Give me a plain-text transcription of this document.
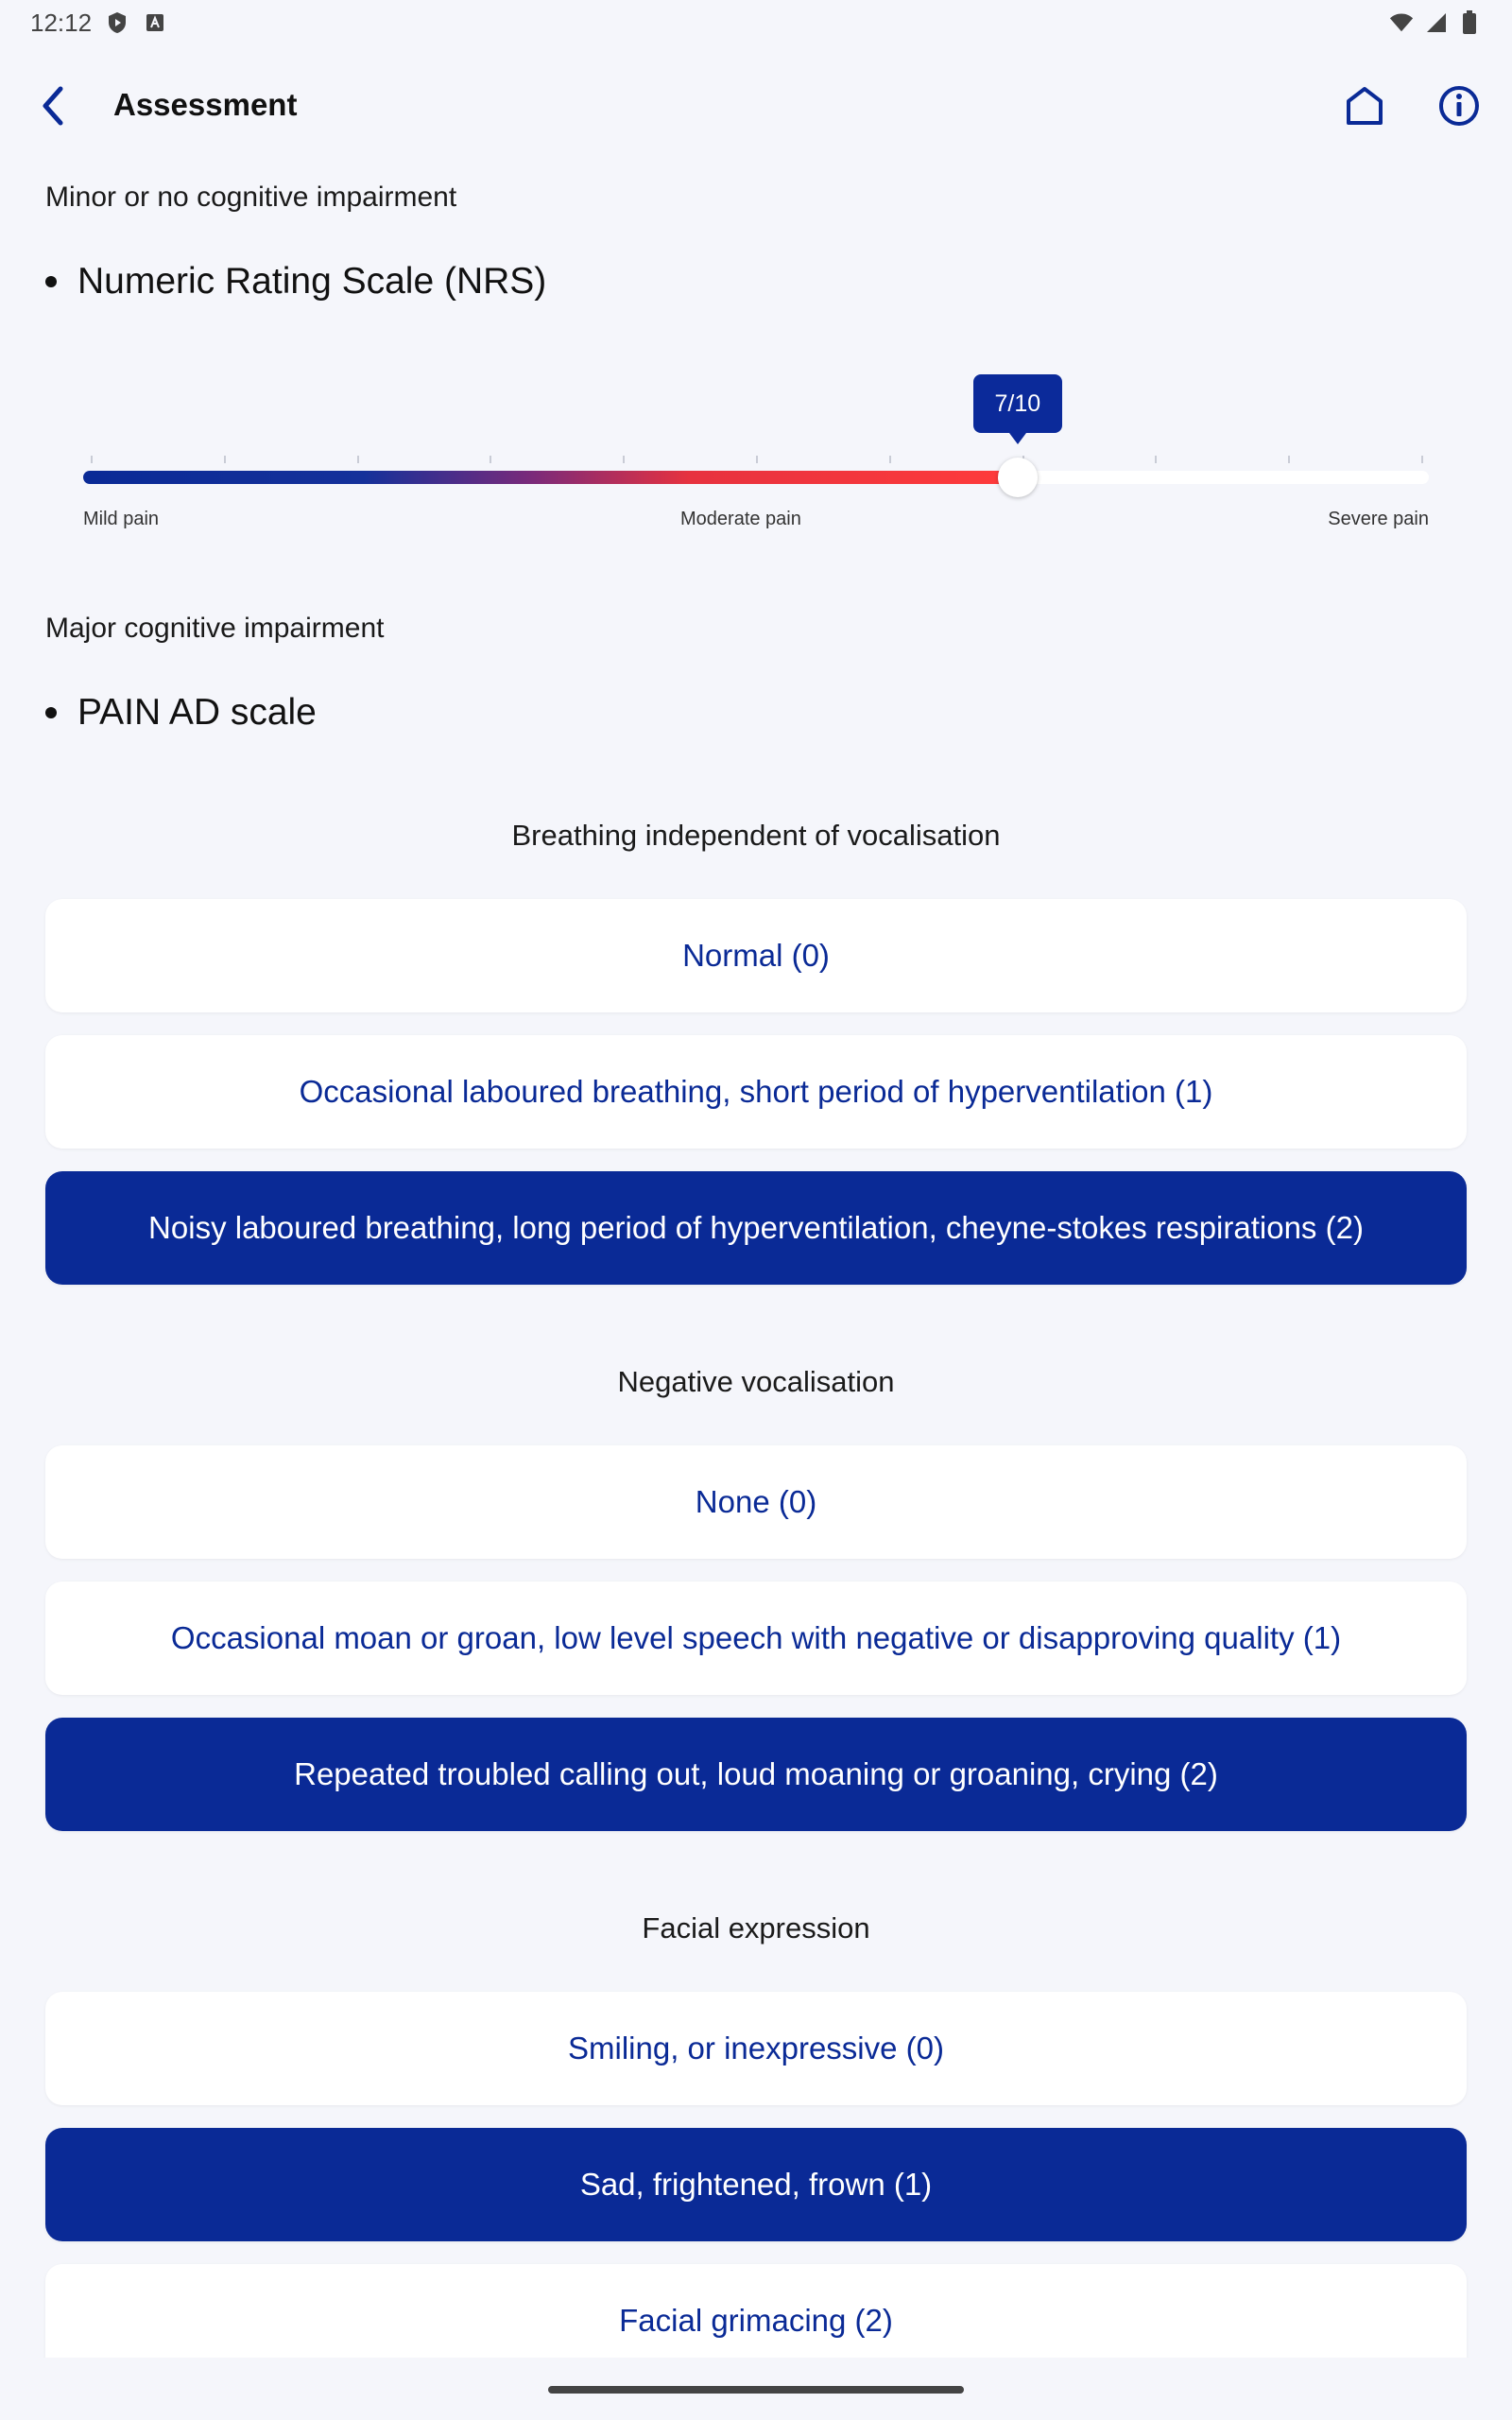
12:12
Assessment
Minor or no cognitive impairment
Numeric Rating Scale (NRS)
7/10
Mild pain	Moderate pain	Severe pain
Major cognitive impairment
PAIN AD scale
Breathing independent of vocalisation
Normal (0)
Occasional laboured breathing, short period of hyperventilation (1)
Noisy laboured breathing, long period of hyperventilation, cheyne-stokes respirations (2)
Negative vocalisation
None (0)
Occasional moan or groan, low level speech with negative or disapproving quality (1)
Repeated troubled calling out, loud moaning or groaning, crying (2)
Facial expression
Smiling, or inexpressive (0)
Sad, frightened, frown (1)
Facial grimacing (2)
